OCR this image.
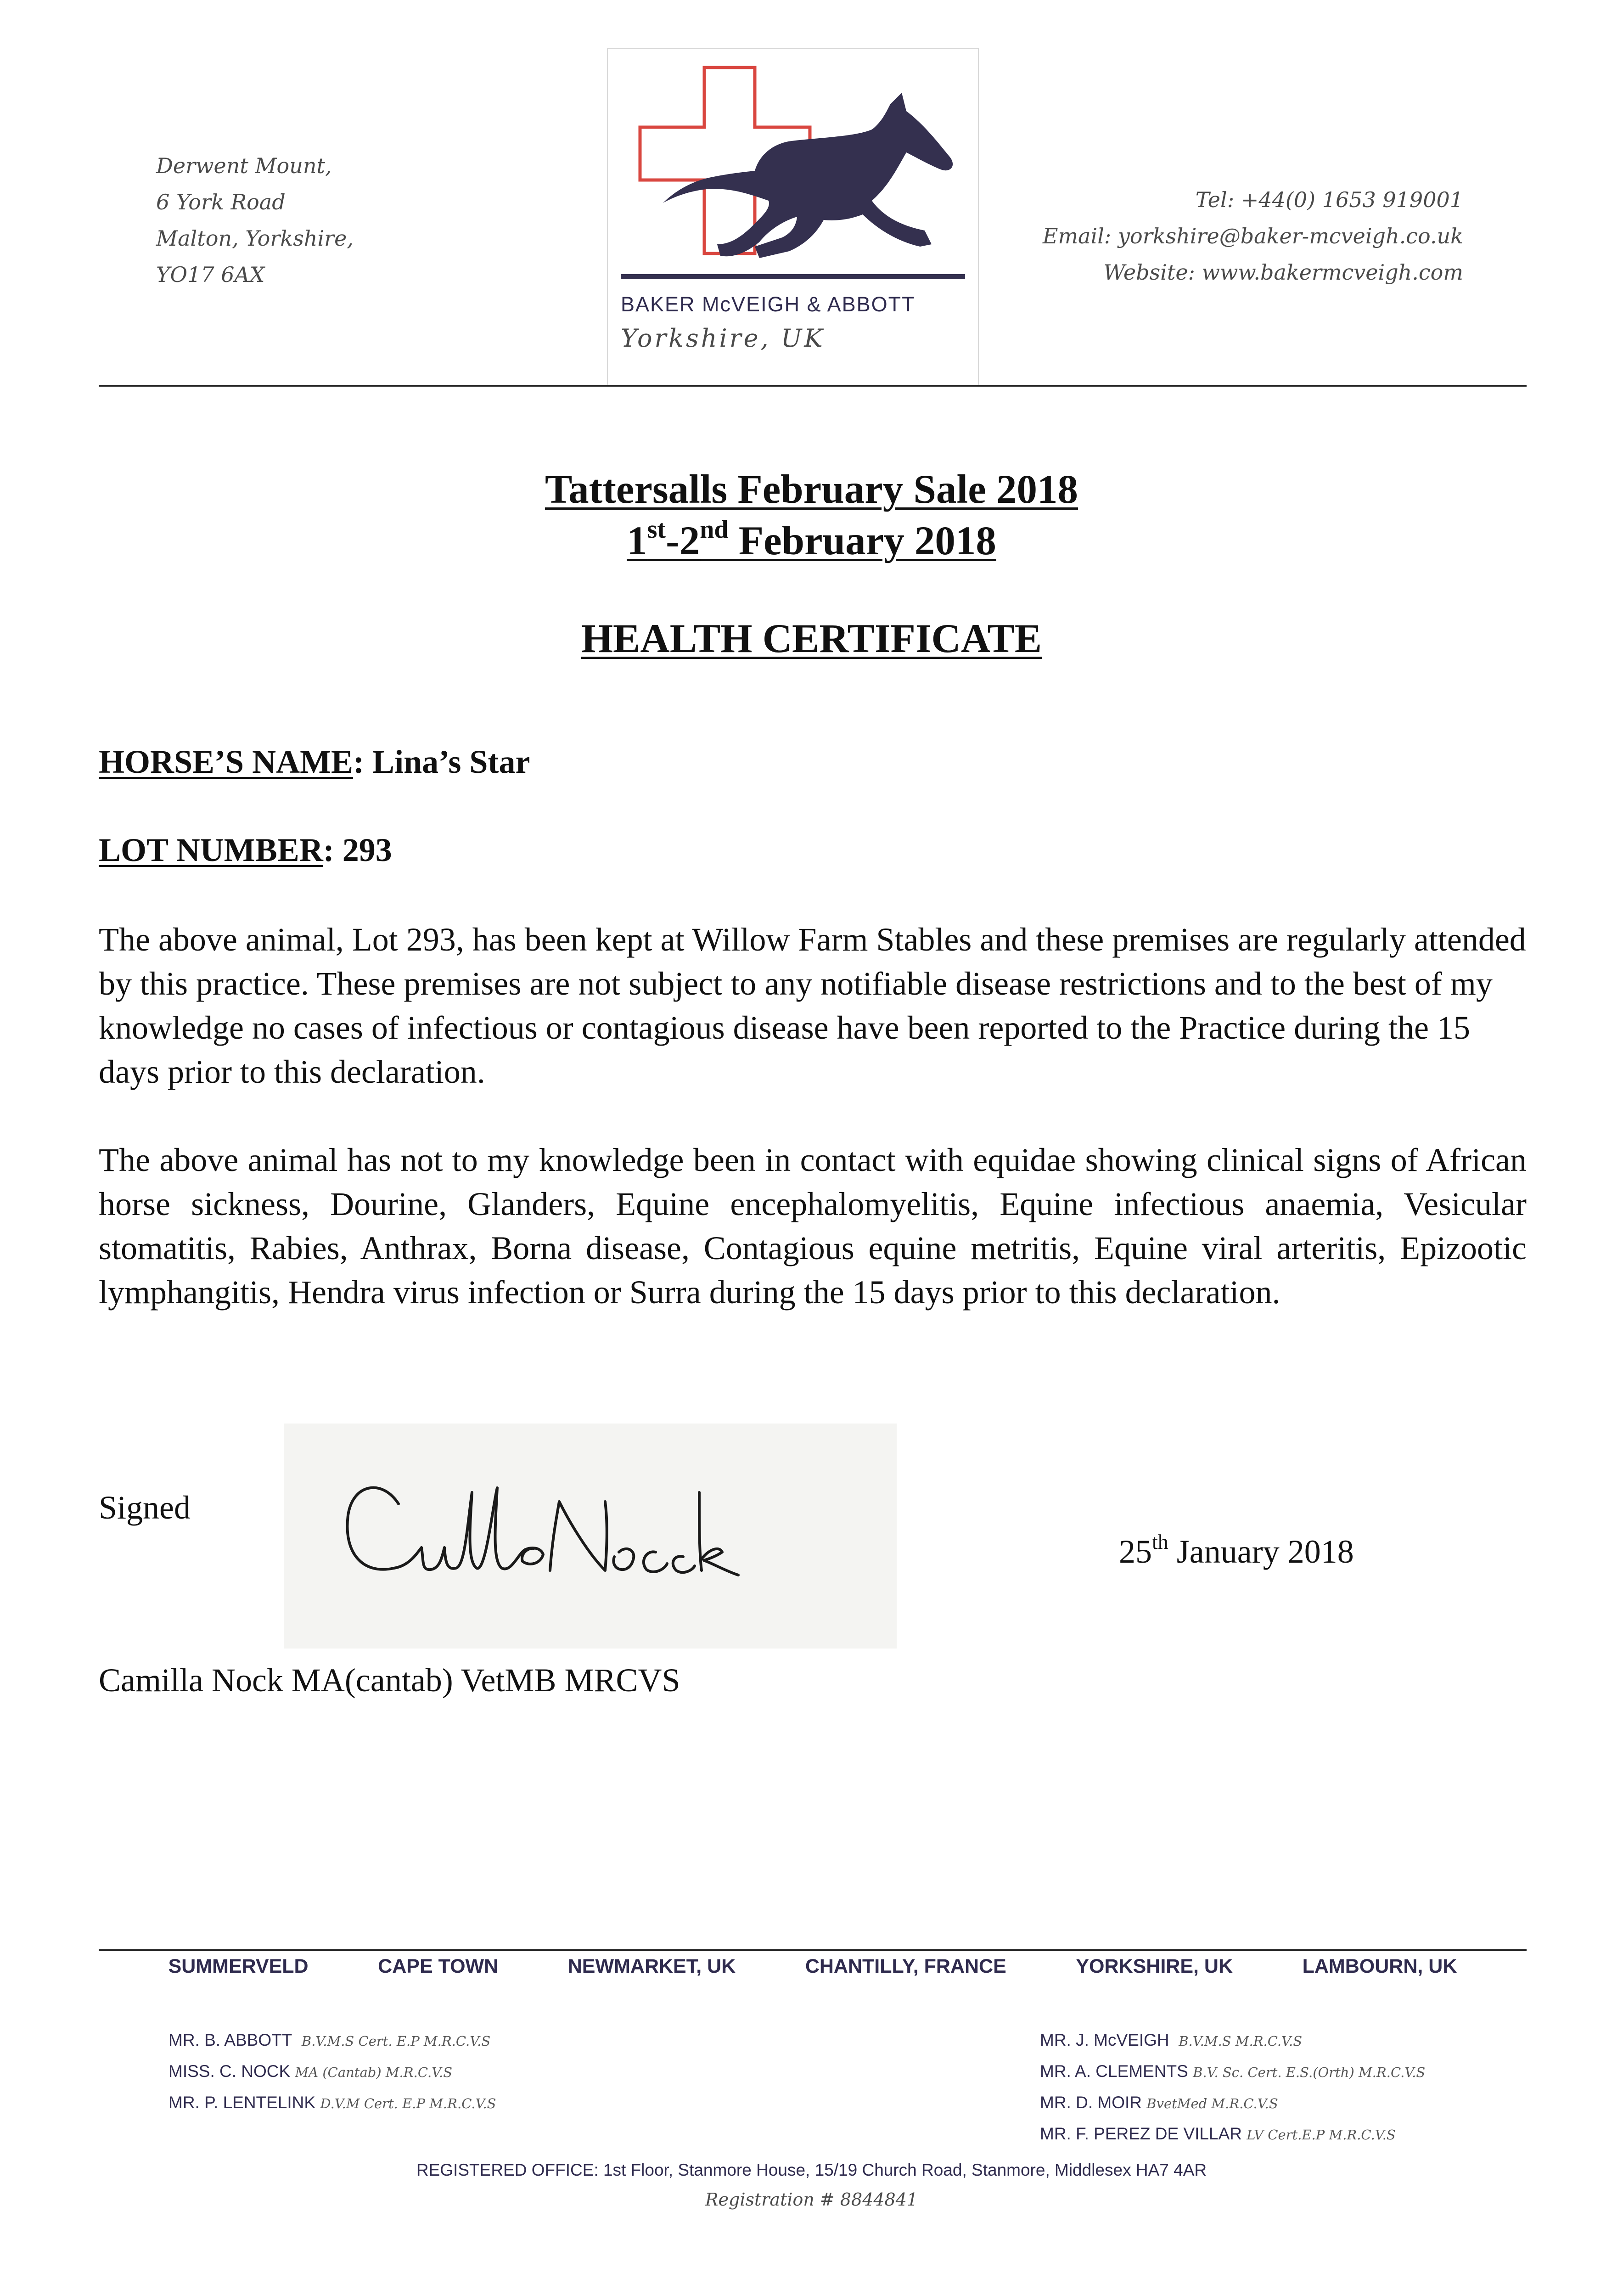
Derwent Mount,
6 York Road
Malton, Yorkshire,
YO17 6AX
BAKER McVEIGH & ABBOTT
Yorkshire, UK
Tel: +44(0) 1653 919001
Email: yorkshire@baker-mcveigh.co.uk
Website: www.bakermcveigh.com
Tattersalls February Sale 2018
1st-2nd February 2018
HEALTH CERTIFICATE
HORSE’S NAME: Lina’s Star
LOT NUMBER: 293
The above animal, Lot 293, has been kept at Willow Farm Stables and these premises are regularly attended by this practice. These premises are not subject to any notifiable disease restrictions and to the best of my knowledge no cases of infectious or contagious disease have been reported to the Practice during the 15 days prior to this declaration.
The above animal has not to my knowledge been in contact with equidae showing clinical signs of African horse sickness, Dourine, Glanders, Equine encephalomyelitis, Equine infectious anaemia, Vesicular stomatitis, Rabies, Anthrax, Borna disease, Contagious equine metritis, Equine viral arteritis, Epizootic lymphangitis, Hendra virus infection or Surra during the 15 days prior to this declaration.
Signed
25th January 2018
Camilla Nock MA(cantab) VetMB MRCVS
SUMMERVELD	CAPE TOWN	NEWMARKET, UK	CHANTILLY, FRANCE	YORKSHIRE, UK	LAMBOURN, UK
MR. B. ABBOTT B.V.M.S Cert. E.P M.R.C.V.S
MISS. C. NOCK MA (Cantab) M.R.C.V.S
MR. P. LENTELINK D.V.M Cert. E.P M.R.C.V.S
MR. J. McVEIGH B.V.M.S M.R.C.V.S
MR. A. CLEMENTS B.V. Sc. Cert. E.S.(Orth) M.R.C.V.S
MR. D. MOIR BvetMed M.R.C.V.S
MR. F. PEREZ DE VILLAR LV Cert.E.P M.R.C.V.S
REGISTERED OFFICE: 1st Floor, Stanmore House, 15/19 Church Road, Stanmore, Middlesex HA7 4AR
Registration # 8844841
